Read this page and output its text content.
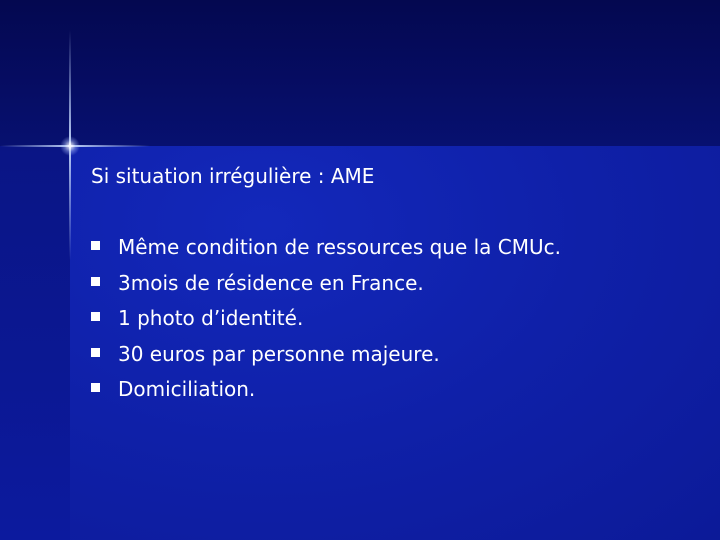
Si situation irrégulière : AME
Même condition de ressources que la CMUc.
3mois de résidence en France.
1 photo d’identité.
30 euros par personne majeure.
Domiciliation.
